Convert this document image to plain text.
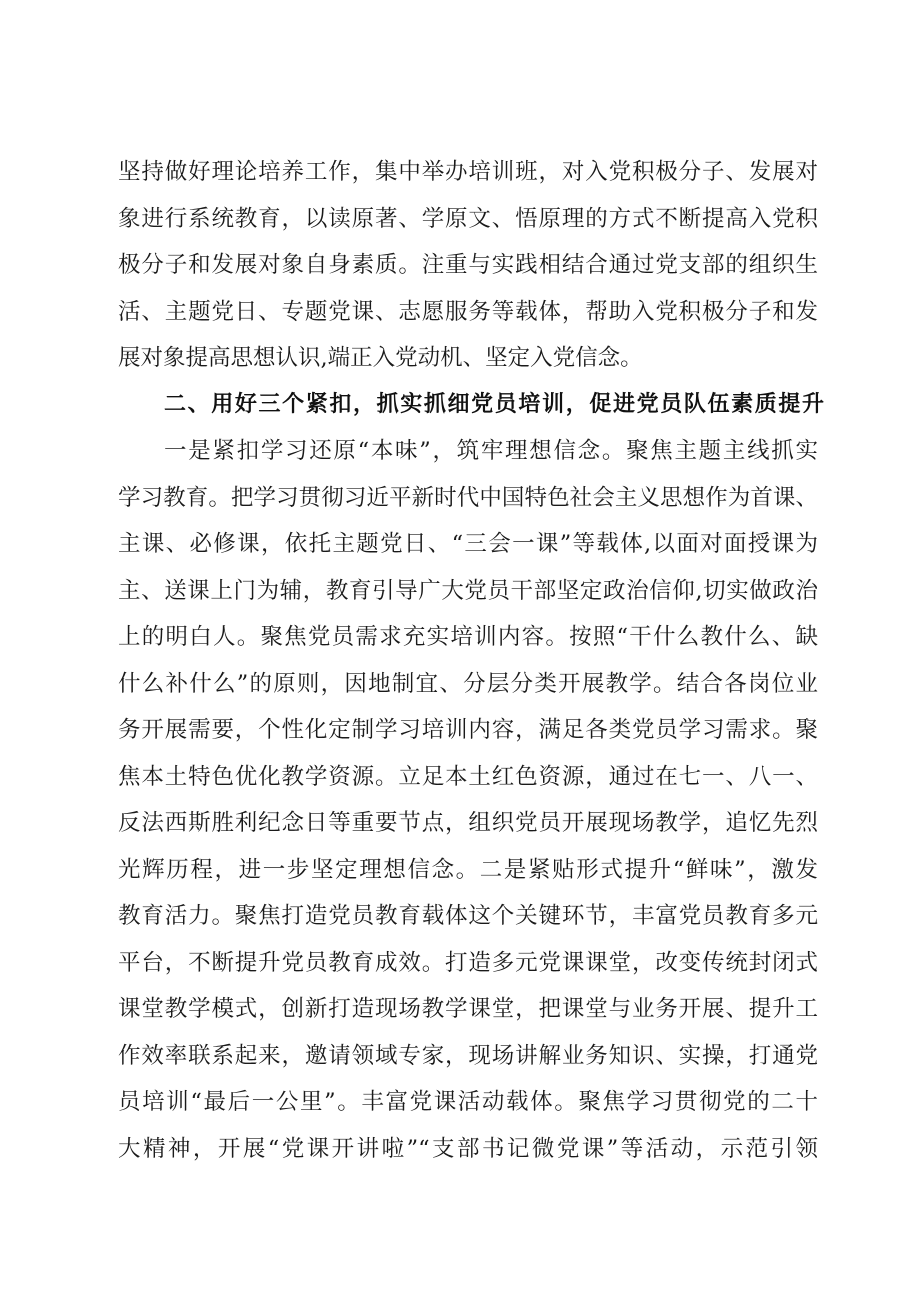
坚持做好理论培养工作，集中举办培训班，对入党积极分子、发展对
象进行系统教育，以读原著、学原文、悟原理的方式不断提高入党积
极分子和发展对象自身素质。注重与实践相结合通过党支部的组织生
活、主题党日、专题党课、志愿服务等载体，帮助入党积极分子和发
展对象提高思想认识,端正入党动机、坚定入党信念。
二、用好三个紧扣，抓实抓细党员培训，促进党员队伍素质提升
一是紧扣学习还原“本味”，筑牢理想信念。聚焦主题主线抓实
学习教育。把学习贯彻习近平新时代中国特色社会主义思想作为首课、
主课、必修课，依托主题党日、“三会一课”等载体,以面对面授课为
主、送课上门为辅，教育引导广大党员干部坚定政治信仰,切实做政治
上的明白人。聚焦党员需求充实培训内容。按照“干什么教什么、缺
什么补什么”的原则，因地制宜、分层分类开展教学。结合各岗位业
务开展需要，个性化定制学习培训内容，满足各类党员学习需求。聚
焦本土特色优化教学资源。立足本土红色资源，通过在七一、八一、
反法西斯胜利纪念日等重要节点，组织党员开展现场教学，追忆先烈
光辉历程，进一步坚定理想信念。二是紧贴形式提升“鲜味”，激发
教育活力。聚焦打造党员教育载体这个关键环节，丰富党员教育多元
平台，不断提升党员教育成效。打造多元党课课堂，改变传统封闭式
课堂教学模式，创新打造现场教学课堂，把课堂与业务开展、提升工
作效率联系起来，邀请领域专家，现场讲解业务知识、实操，打通党
员培训“最后一公里”。丰富党课活动载体。聚焦学习贯彻党的二十
大精神，开展“党课开讲啦”“支部书记微党课”等活动，示范引领
